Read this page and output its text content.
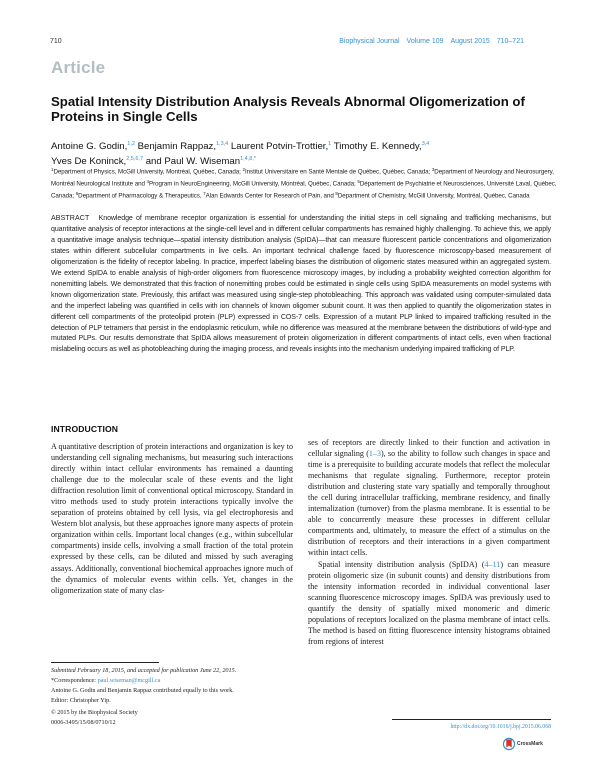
710	Biophysical Journal Volume 109 August 2015 710–721
Article
Spatial Intensity Distribution Analysis Reveals Abnormal Oligomerization of Proteins in Single Cells
Antoine G. Godin,$^{1,2}$ Benjamin Rappaz,$^{1,3,4}$ Laurent Potvin-Trottier,$^1$ Timothy E. Kennedy,$^{3,4}$
Yves De Koninck,$^{2,5,6,7}$ and Paul W. Wiseman$^{1,4,8,*}$
$^1$Department of Physics, McGill University, Montréal, Québec, Canada; $^2$Institut Universitaire en Santé Mentale de Québec, Québec, Canada; $^3$Department of Neurology and Neurosurgery, Montréal Neurological Institute and $^4$Program in NeuroEngineering, McGill University, Montréal, Québec, Canada; $^5$Département de Psychiatrie et Neurosciences, Université Laval, Québec, Canada; $^6$Department of Pharmacology & Therapeutics, $^7$Alan Edwards Center for Research of Pain, and $^8$Department of Chemistry, McGill University, Montréal, Québec, Canada
ABSTRACT Knowledge of membrane receptor organization is essential for understanding the initial steps in cell signaling and trafficking mechanisms, but quantitative analysis of receptor interactions at the single-cell level and in different cellular compartments has remained highly challenging. To achieve this, we apply a quantitative image analysis technique—spatial intensity distribution analysis (SpIDA)—that can measure fluorescent particle concentrations and oligomerization states within different subcellular compartments in live cells. An important technical challenge faced by fluorescence microscopy-based measurement of oligomerization is the fidelity of receptor labeling. In practice, imperfect labeling biases the distribution of oligomeric states measured within an aggregated system. We extend SpIDA to enable analysis of high-order oligomers from fluorescence microscopy images, by including a probability weighted correction algorithm for nonemitting labels. We demonstrated that this fraction of nonemitting probes could be estimated in single cells using SpIDA measurements on model systems with known oligomerization state. Previously, this artifact was measured using single-step photobleaching. This approach was validated using computer-simulated data and the imperfect labeling was quantified in cells with ion channels of known oligomer subunit count. It was then applied to quantify the oligomerization states in different cell compartments of the proteolipid protein (PLP) expressed in COS-7 cells. Expression of a mutant PLP linked to impaired trafficking resulted in the detection of PLP tetramers that persist in the endoplasmic reticulum, while no difference was measured at the membrane between the distributions of wild-type and mutated PLPs. Our results demonstrate that SpIDA allows measurement of protein oligomerization in different compartments of intact cells, even when fractional mislabeling occurs as well as photobleaching during the imaging process, and reveals insights into the mechanism underlying impaired trafficking of PLP.
INTRODUCTION

A quantitative description of protein interactions and organization is key to understanding cell signaling mechanisms, but measuring such interactions directly within intact cellular environments has remained a daunting challenge due to the molecular scale of these events and the light diffraction resolution limit of conventional optical microscopy. Standard in vitro methods used to study protein interactions typically involve the separation of proteins obtained by cell lysis, via gel electrophoresis and Western blot analysis, but these approaches ignore many aspects of protein organization within cells. Important local changes (e.g., within subcellular compartments) inside cells, involving a small fraction of the total protein expressed by these cells, can be diluted and missed by such averaging assays. Additionally, conventional biochemical approaches ignore much of the dynamics of molecular events within cells. Yet, changes in the oligomerization state of many clas-

ses of receptors are directly linked to their function and activation in cellular signaling (1–3), so the ability to follow such changes in space and time is a prerequisite to building accurate models that reflect the molecular mechanisms that regulate signaling. Furthermore, receptor protein distribution and clustering state vary spatially and temporally throughout the cell during intracellular trafficking, membrane residency, and finally internalization (turnover) from the plasma membrane. It is essential to be able to concurrently measure these processes in different cellular compartments and, ultimately, to measure the effect of a stimulus on the distribution of receptors and their interactions in a given compartment within intact cells.

Spatial intensity distribution analysis (SpIDA) (4–11) can measure protein oligomeric size (in subunit counts) and density distributions from the intensity information recorded in individual conventional laser scanning fluorescence microscopy images. SpIDA was previously used to quantify the density of spatially mixed monomeric and dimeric populations of receptors localized on the plasma membrane of intact cells. The method is based on fitting fluorescence intensity histograms obtained from regions of interest

Submitted February 18, 2015, and accepted for publication June 22, 2015.
*Correspondence: paul.wiseman@mcgill.ca
Antoine G. Godin and Benjamin Rappaz contributed equally to this work.
Editor: Christopher Yip.
© 2015 by the Biophysical Society
0006-3495/15/08/0710/12
http://dx.doi.org/10.1016/j.bpj.2015.06.068
CrossMark
